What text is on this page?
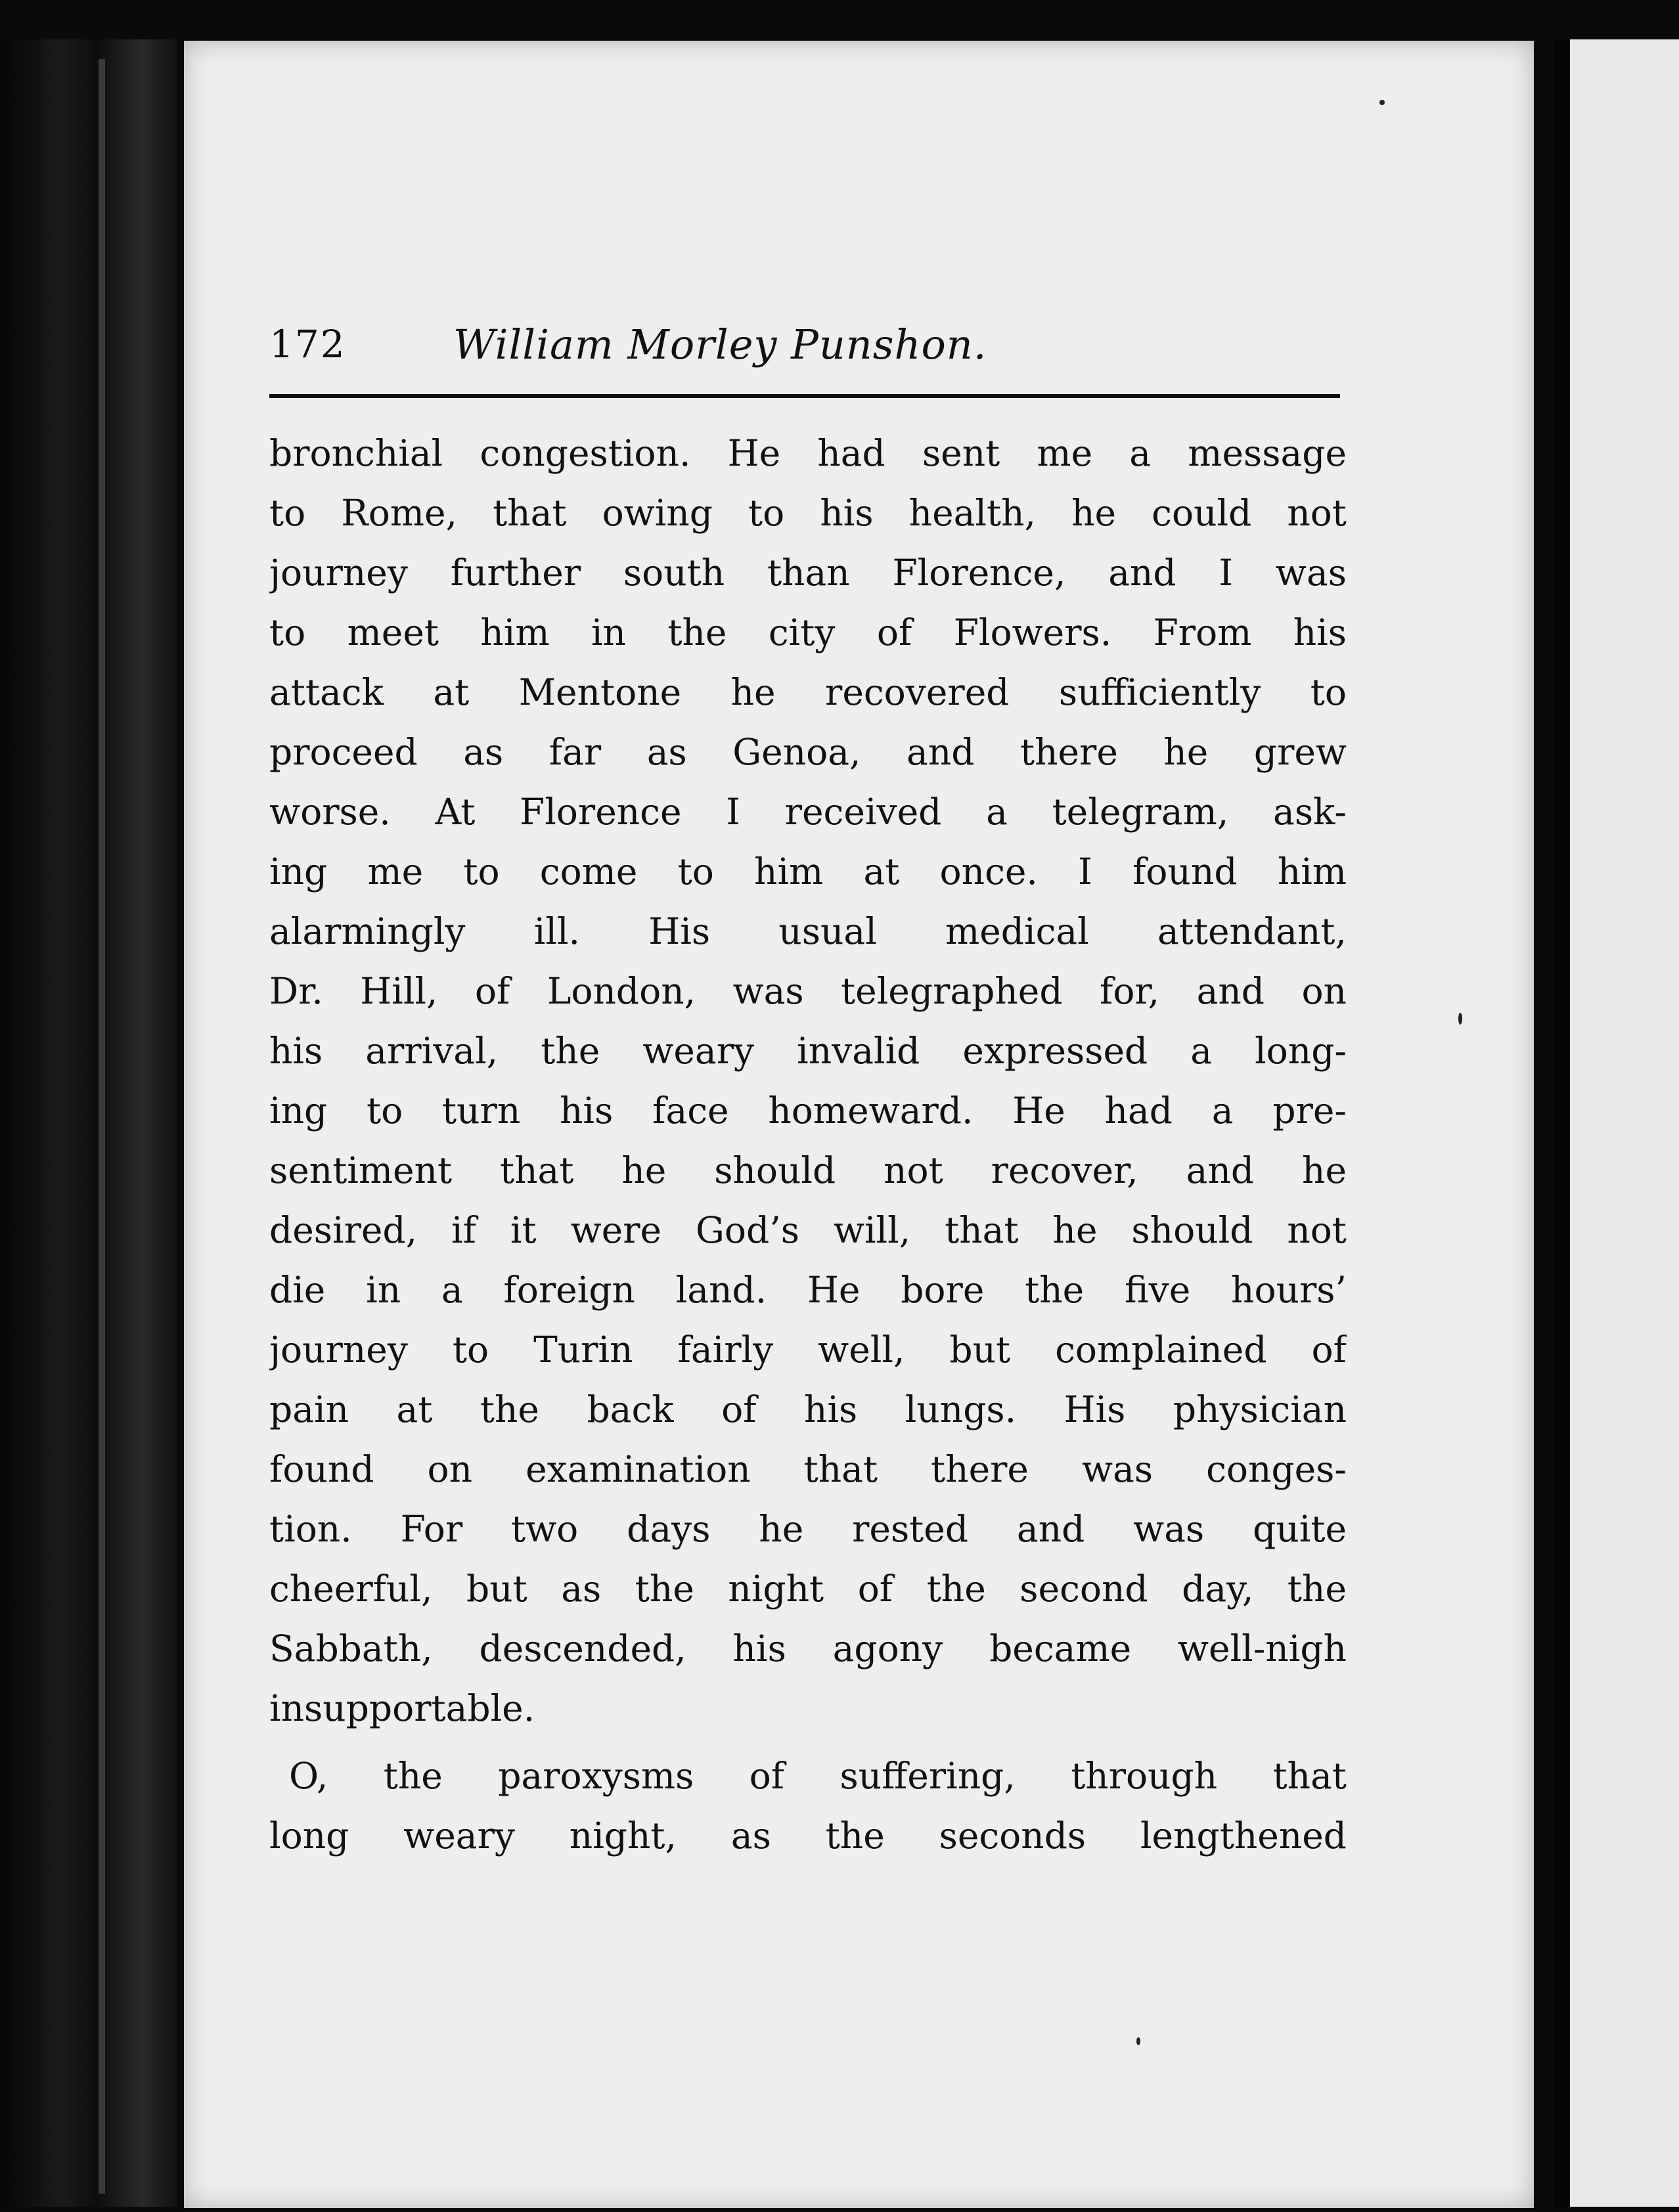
172	William Morley Punshon.
bronchial congestion. He had sent me a message
to Rome, that owing to his health, he could not
journey further south than Florence, and I was
to meet him in the city of Flowers. From his
attack at Mentone he recovered sufficiently to
proceed as far as Genoa, and there he grew
worse. At Florence I received a telegram, ask-
ing me to come to him at once. I found him
alarmingly ill. His usual medical attendant,
Dr. Hill, of London, was telegraphed for, and on
his arrival, the weary invalid expressed a long-
ing to turn his face homeward. He had a pre-
sentiment that he should not recover, and he
desired, if it were God’s will, that he should not
die in a foreign land. He bore the five hours’
journey to Turin fairly well, but complained of
pain at the back of his lungs. His physician
found on examination that there was conges-
tion. For two days he rested and was quite
cheerful, but as the night of the second day, the
Sabbath, descended, his agony became well-nigh
insupportable.
O, the paroxysms of suffering, through that
long weary night, as the seconds lengthened
